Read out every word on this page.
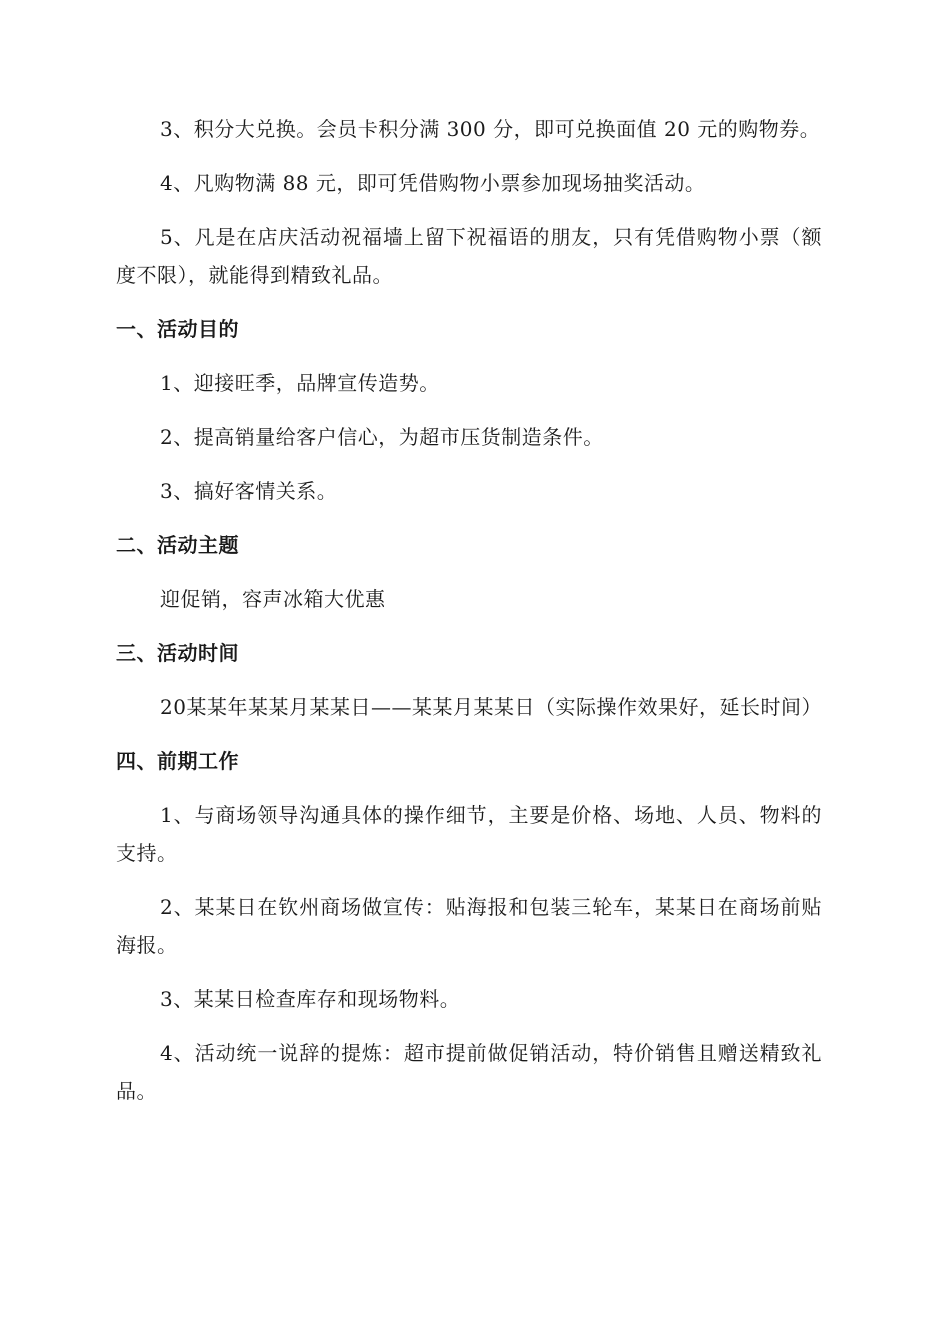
3、积分大兑换。会员卡积分满 300 分，即可兑换面值 20 元的购物券。

4、凡购物满 88 元，即可凭借购物小票参加现场抽奖活动。

5、凡是在店庆活动祝福墙上留下祝福语的朋友，只有凭借购物小票（额度不限），就能得到精致礼品。

一、活动目的

1、迎接旺季，品牌宣传造势。

2、提高销量给客户信心，为超市压货制造条件。

3、搞好客情关系。

二、活动主题

迎促销，容声冰箱大优惠

三、活动时间

20某某年某某月某某日——某某月某某日（实际操作效果好，延长时间）

四、前期工作

1、与商场领导沟通具体的操作细节，主要是价格、场地、人员、物料的支持。

2、某某日在钦州商场做宣传：贴海报和包装三轮车，某某日在商场前贴海报。

3、某某日检查库存和现场物料。

4、活动统一说辞的提炼：超市提前做促销活动，特价销售且赠送精致礼品。
